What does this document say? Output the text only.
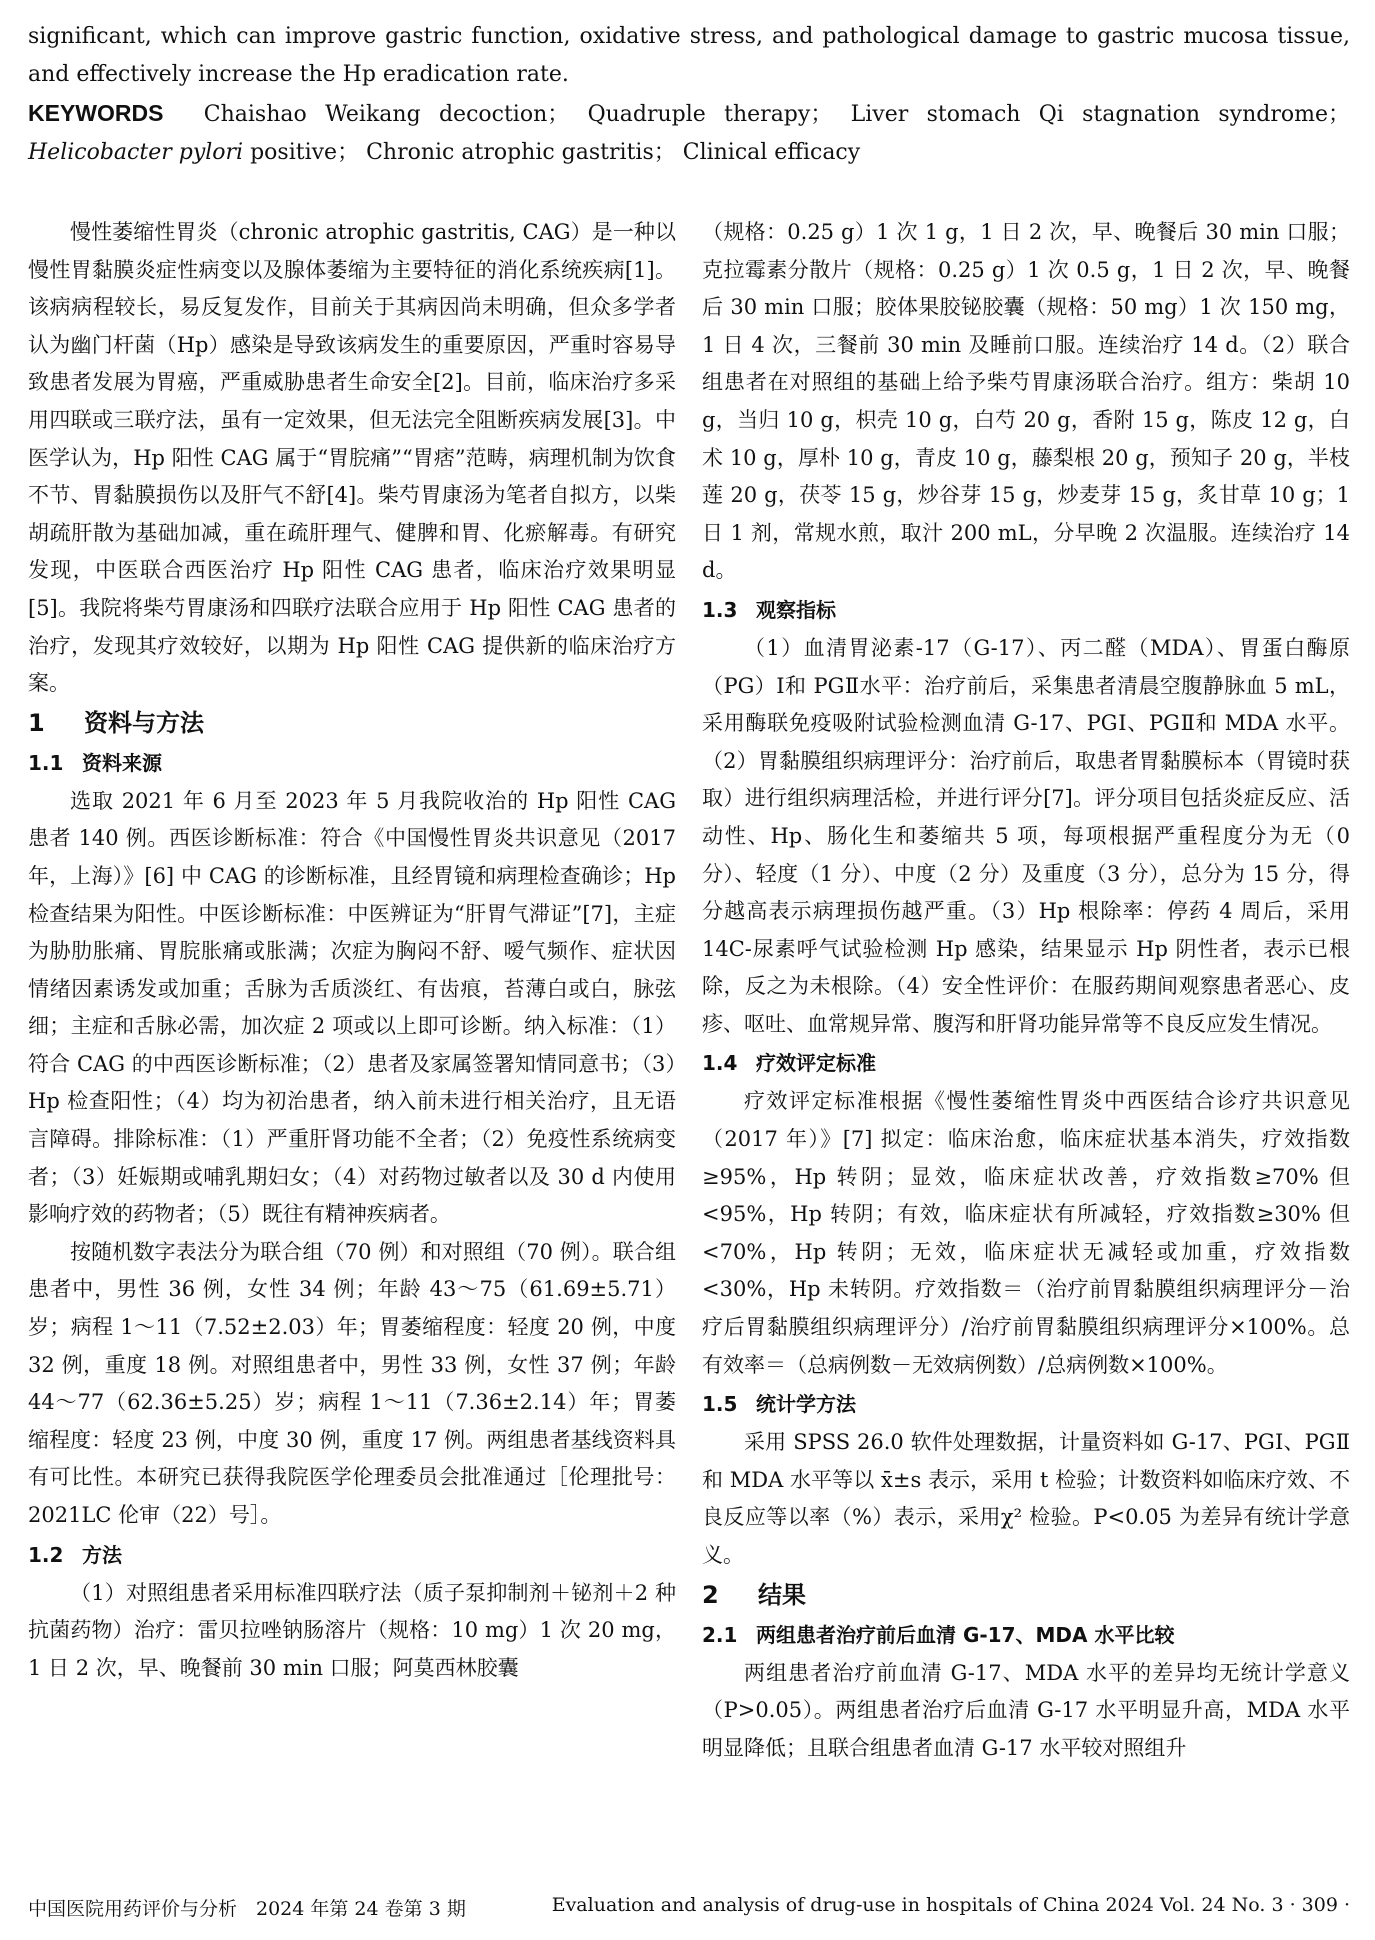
significant, which can improve gastric function, oxidative stress, and pathological damage to gastric mucosa tissue, and effectively increase the Hp eradication rate.

KEYWORDS Chaishao Weikang decoction； Quadruple therapy； Liver stomach Qi stagnation syndrome； Helicobacter pylori positive； Chronic atrophic gastritis； Clinical efficacy

慢性萎缩性胃炎（chronic atrophic gastritis, CAG）是一种以慢性胃黏膜炎症性病变以及腺体萎缩为主要特征的消化系统疾病[1]。该病病程较长，易反复发作，目前关于其病因尚未明确，但众多学者认为幽门杆菌（Hp）感染是导致该病发生的重要原因，严重时容易导致患者发展为胃癌，严重威胁患者生命安全[2]。目前，临床治疗多采用四联或三联疗法，虽有一定效果，但无法完全阻断疾病发展[3]。中医学认为，Hp 阳性 CAG 属于“胃脘痛”“胃痞”范畴，病理机制为饮食不节、胃黏膜损伤以及肝气不舒[4]。柴芍胃康汤为笔者自拟方，以柴胡疏肝散为基础加减，重在疏肝理气、健脾和胃、化瘀解毒。有研究发现，中医联合西医治疗 Hp 阳性 CAG 患者，临床治疗效果明显[5]。我院将柴芍胃康汤和四联疗法联合应用于 Hp 阳性 CAG 患者的治疗，发现其疗效较好，以期为 Hp 阳性 CAG 提供新的临床治疗方案。

1 资料与方法
1.1 资料来源

选取 2021 年 6 月至 2023 年 5 月我院收治的 Hp 阳性 CAG 患者 140 例。西医诊断标准：符合《中国慢性胃炎共识意见（2017 年，上海）》[6] 中 CAG 的诊断标准，且经胃镜和病理检查确诊；Hp 检查结果为阳性。中医诊断标准：中医辨证为“肝胃气滞证”[7]，主症为胁肋胀痛、胃脘胀痛或胀满；次症为胸闷不舒、嗳气频作、症状因情绪因素诱发或加重；舌脉为舌质淡红、有齿痕，苔薄白或白，脉弦细；主症和舌脉必需，加次症 2 项或以上即可诊断。纳入标准：（1）符合 CAG 的中西医诊断标准；（2）患者及家属签署知情同意书；（3）Hp 检查阳性；（4）均为初治患者，纳入前未进行相关治疗，且无语言障碍。排除标准：（1）严重肝肾功能不全者；（2）免疫性系统病变者；（3）妊娠期或哺乳期妇女；（4）对药物过敏者以及 30 d 内使用影响疗效的药物者；（5）既往有精神疾病者。

按随机数字表法分为联合组（70 例）和对照组（70 例）。联合组患者中，男性 36 例，女性 34 例；年龄 43～75（61.69±5.71）岁；病程 1～11（7.52±2.03）年；胃萎缩程度：轻度 20 例，中度 32 例，重度 18 例。对照组患者中，男性 33 例，女性 37 例；年龄 44～77（62.36±5.25）岁；病程 1～11（7.36±2.14）年；胃萎缩程度：轻度 23 例，中度 30 例，重度 17 例。两组患者基线资料具有可比性。本研究已获得我院医学伦理委员会批准通过［伦理批号：2021LC 伦审（22）号］。

1.2 方法

（1）对照组患者采用标准四联疗法（质子泵抑制剂＋铋剂＋2 种抗菌药物）治疗：雷贝拉唑钠肠溶片（规格：10 mg）1 次 20 mg，1 日 2 次，早、晚餐前 30 min 口服；阿莫西林胶囊

（规格：0.25 g）1 次 1 g，1 日 2 次，早、晚餐后 30 min 口服；克拉霉素分散片（规格：0.25 g）1 次 0.5 g，1 日 2 次，早、晚餐后 30 min 口服；胶体果胶铋胶囊（规格：50 mg）1 次 150 mg，1 日 4 次，三餐前 30 min 及睡前口服。连续治疗 14 d。（2）联合组患者在对照组的基础上给予柴芍胃康汤联合治疗。组方：柴胡 10 g，当归 10 g，枳壳 10 g，白芍 20 g，香附 15 g，陈皮 12 g，白术 10 g，厚朴 10 g，青皮 10 g，藤梨根 20 g，预知子 20 g，半枝莲 20 g，茯苓 15 g，炒谷芽 15 g，炒麦芽 15 g，炙甘草 10 g；1 日 1 剂，常规水煎，取汁 200 mL，分早晚 2 次温服。连续治疗 14 d。

1.3 观察指标

（1）血清胃泌素-17（G-17）、丙二醛（MDA）、胃蛋白酶原（PG）Ⅰ和 PGⅡ水平：治疗前后，采集患者清晨空腹静脉血 5 mL，采用酶联免疫吸附试验检测血清 G-17、PGⅠ、PGⅡ和 MDA 水平。（2）胃黏膜组织病理评分：治疗前后，取患者胃黏膜标本（胃镜时获取）进行组织病理活检，并进行评分[7]。评分项目包括炎症反应、活动性、Hp、肠化生和萎缩共 5 项，每项根据严重程度分为无（0 分）、轻度（1 分）、中度（2 分）及重度（3 分），总分为 15 分，得分越高表示病理损伤越严重。（3）Hp 根除率：停药 4 周后，采用14C-尿素呼气试验检测 Hp 感染，结果显示 Hp 阴性者，表示已根除，反之为未根除。（4）安全性评价：在服药期间观察患者恶心、皮疹、呕吐、血常规异常、腹泻和肝肾功能异常等不良反应发生情况。

1.4 疗效评定标准

疗效评定标准根据《慢性萎缩性胃炎中西医结合诊疗共识意见（2017 年）》[7] 拟定：临床治愈，临床症状基本消失，疗效指数≥95%，Hp 转阴；显效，临床症状改善，疗效指数≥70% 但<95%，Hp 转阴；有效，临床症状有所减轻，疗效指数≥30% 但<70%，Hp 转阴；无效，临床症状无减轻或加重，疗效指数<30%，Hp 未转阴。疗效指数＝（治疗前胃黏膜组织病理评分－治疗后胃黏膜组织病理评分）/治疗前胃黏膜组织病理评分×100%。总有效率＝（总病例数－无效病例数）/总病例数×100%。

1.5 统计学方法

采用 SPSS 26.0 软件处理数据，计量资料如 G-17、PGⅠ、PGⅡ和 MDA 水平等以 x̄±s 表示，采用 t 检验；计数资料如临床疗效、不良反应等以率（%）表示，采用χ² 检验。P<0.05 为差异有统计学意义。

2 结果
2.1 两组患者治疗前后血清 G-17、MDA 水平比较

两组患者治疗前血清 G-17、MDA 水平的差异均无统计学意义（P>0.05）。两组患者治疗后血清 G-17 水平明显升高，MDA 水平明显降低；且联合组患者血清 G-17 水平较对照组升

中国医院用药评价与分析　2024 年第 24 卷第 3 期	Evaluation and analysis of drug-use in hospitals of China 2024 Vol. 24 No. 3 · 309 ·
